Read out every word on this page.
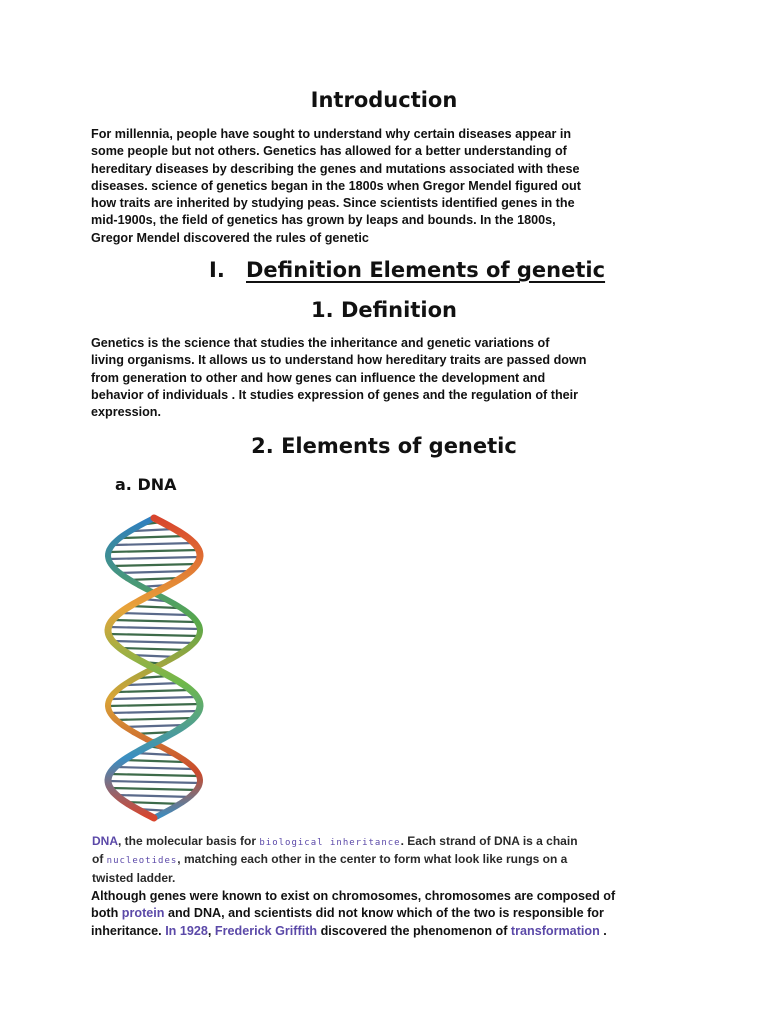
Introduction

For millennia, people have sought to understand why certain diseases appear in
some people but not others. Genetics has allowed for a better understanding of
hereditary diseases by describing the genes and mutations associated with these
diseases. science of genetics began in the 1800s when Gregor Mendel figured out
how traits are inherited by studying peas. Since scientists identified genes in the
mid-1900s, the field of genetics has grown by leaps and bounds. In the 1800s,
Gregor Mendel discovered the rules of genetic

I. Definition Elements of genetic
1. Definition

Genetics is the science that studies the inheritance and genetic variations of
living organisms. It allows us to understand how hereditary traits are passed down
from generation to other and how genes can influence the development and
behavior of individuals . It studies expression of genes and the regulation of their
expression.

2. Elements of genetic
a. DNA

DNA, the molecular basis for biological inheritance. Each strand of DNA is a chain
of nucleotides, matching each other in the center to form what look like rungs on a
twisted ladder.

Although genes were known to exist on chromosomes, chromosomes are composed of
both protein and DNA, and scientists did not know which of the two is responsible for
inheritance. In 1928, Frederick Griffith discovered the phenomenon of transformation .
